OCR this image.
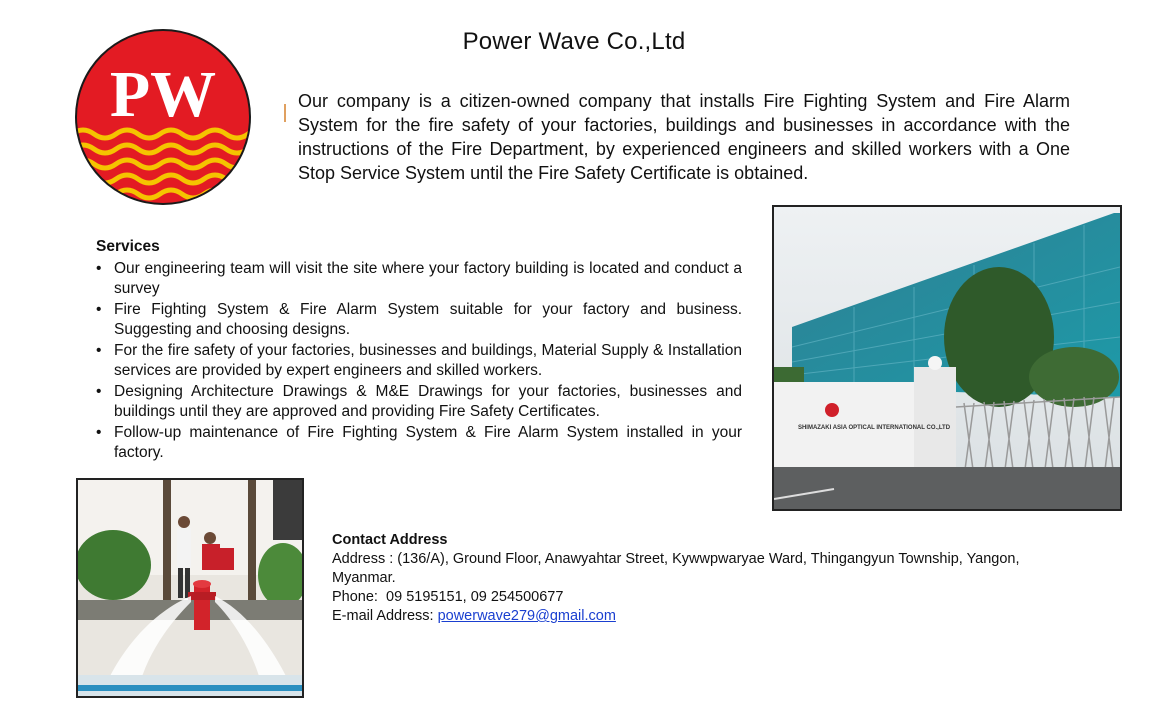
Power Wave Co.,Ltd
PW	Our company is a citizen-owned company that installs Fire Fighting System and Fire Alarm System for the fire safety of your factories, buildings and businesses in accordance with the instructions of the Fire Department, by experienced engineers and skilled workers with a One Stop Service System until the Fire Safety Certificate is obtained.

Services
• Our engineering team will visit the site where your factory building is located and conduct a survey
• Fire Fighting System & Fire Alarm System suitable for your factory and business. Suggesting and choosing designs.
• For the fire safety of your factories, businesses and buildings, Material Supply & Installation services are provided by expert engineers and skilled workers.
• Designing Architecture Drawings & M&E Drawings for your factories, businesses and buildings until they are approved and providing Fire Safety Certificates.
• Follow-up maintenance of Fire Fighting System & Fire Alarm System installed in your factory.
SHIMAZAKI ASIA OPTICAL INTERNATIONAL CO.,LTD
Contact Address
Address : (136/A), Ground Floor, Anawyahtar Street, Kywwpwaryae Ward, Thingangyun Township, Yangon, Myanmar.
Phone: 09 5195151, 09 254500677
E-mail Address: powerwave279@gmail.com
